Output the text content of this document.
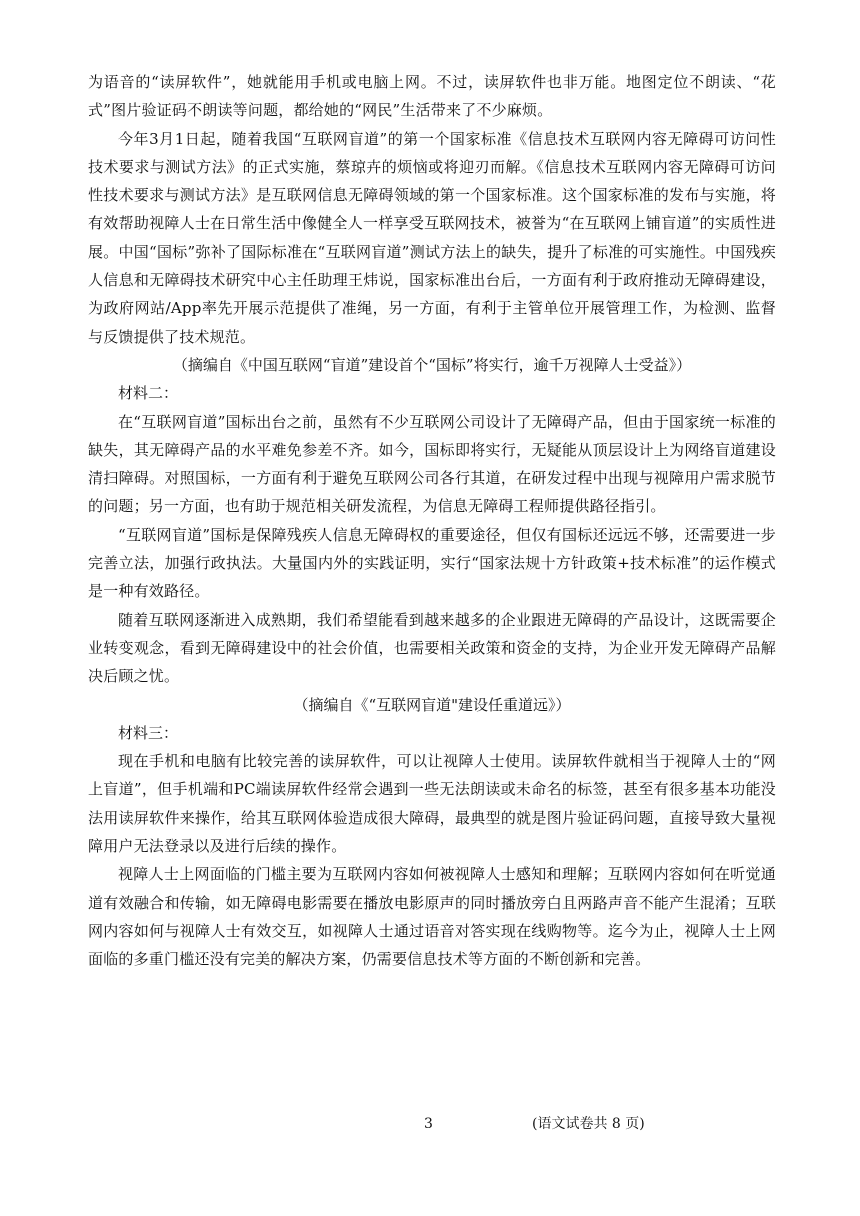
为语音的“读屏软件”，她就能用手机或电脑上网。不过，读屏软件也非万能。地图定位不朗读、“花式”图片验证码不朗读等问题，都给她的“网民”生活带来了不少麻烦。

今年3月1日起，随着我国“互联网盲道”的第一个国家标准《信息技术互联网内容无障碍可访问性技术要求与测试方法》的正式实施，蔡琼卉的烦恼或将迎刃而解。《信息技术互联网内容无障碍可访问性技术要求与测试方法》是互联网信息无障碍领域的第一个国家标准。这个国家标准的发布与实施，将有效帮助视障人士在日常生活中像健全人一样享受互联网技术，被誉为“在互联网上铺盲道”的实质性进展。中国“国标”弥补了国际标准在“互联网盲道”测试方法上的缺失，提升了标准的可实施性。中国残疾人信息和无障碍技术研究中心主任助理王炜说，国家标准出台后，一方面有利于政府推动无障碍建设，为政府网站/App率先开展示范提供了准绳，另一方面，有利于主管单位开展管理工作，为检测、监督与反馈提供了技术规范。

（摘编自《中国互联网“盲道”建设首个“国标”将实行，逾千万视障人士受益》）

材料二：

在“互联网盲道”国标出台之前，虽然有不少互联网公司设计了无障碍产品，但由于国家统一标准的缺失，其无障碍产品的水平难免参差不齐。如今，国标即将实行，无疑能从顶层设计上为网络盲道建设清扫障碍。对照国标，一方面有利于避免互联网公司各行其道，在研发过程中出现与视障用户需求脱节的问题；另一方面，也有助于规范相关研发流程，为信息无障碍工程师提供路径指引。

“互联网盲道”国标是保障残疾人信息无障碍权的重要途径，但仅有国标还远远不够，还需要进一步完善立法，加强行政执法。大量国内外的实践证明，实行“国家法规十方针政策+技术标准”的运作模式是一种有效路径。

随着互联网逐渐进入成熟期，我们希望能看到越来越多的企业跟进无障碍的产品设计，这既需要企业转变观念，看到无障碍建设中的社会价值，也需要相关政策和资金的支持，为企业开发无障碍产品解决后顾之忧。

（摘编自《“互联网盲道"建设任重道远》）

材料三：

现在手机和电脑有比较完善的读屏软件，可以让视障人士使用。读屏软件就相当于视障人士的“网上盲道”，但手机端和PC端读屏软件经常会遇到一些无法朗读或未命名的标签，甚至有很多基本功能没法用读屏软件来操作，给其互联网体验造成很大障碍，最典型的就是图片验证码问题，直接导致大量视障用户无法登录以及进行后续的操作。

视障人士上网面临的门槛主要为互联网内容如何被视障人士感知和理解；互联网内容如何在听觉通道有效融合和传输，如无障碍电影需要在播放电影原声的同时播放旁白且两路声音不能产生混淆；互联网内容如何与视障人士有效交互，如视障人士通过语音对答实现在线购物等。迄今为止，视障人士上网面临的多重门槛还没有完美的解决方案，仍需要信息技术等方面的不断创新和完善。

3	(语文试卷共 8 页)
